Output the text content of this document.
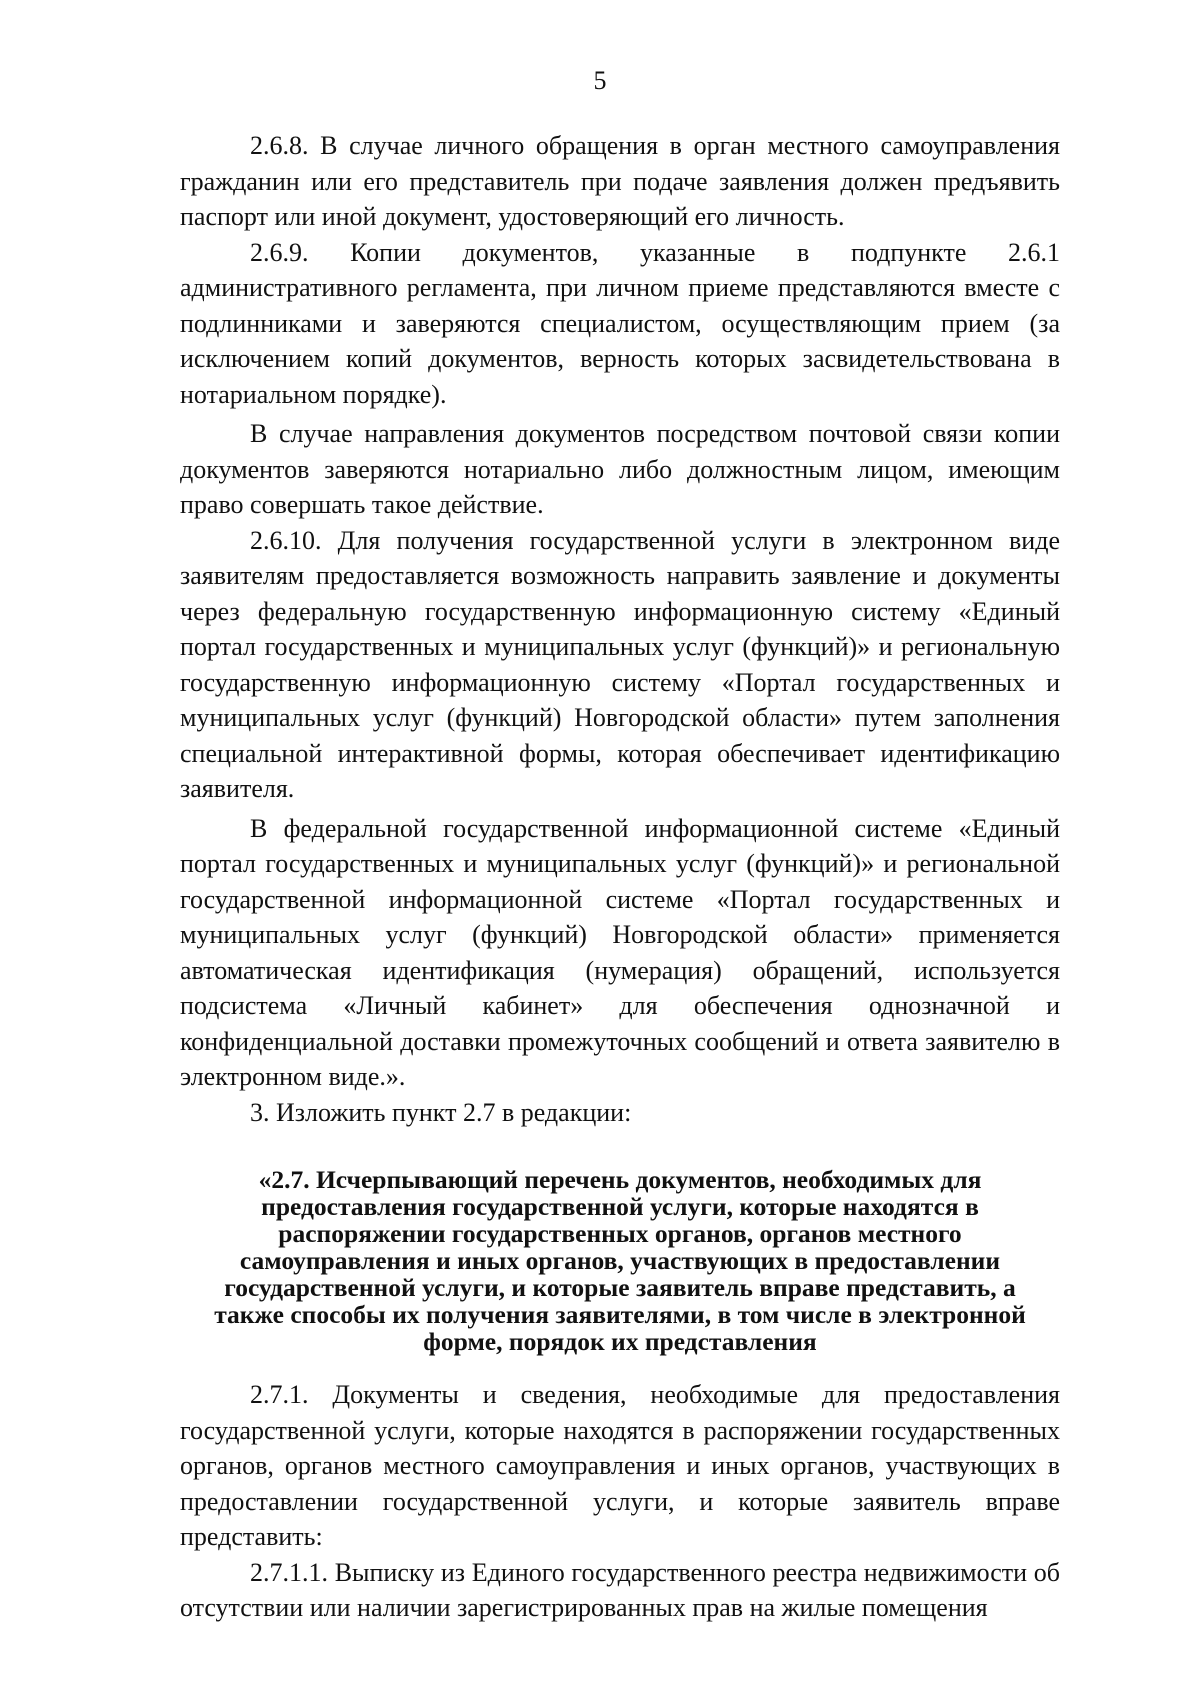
5

2.6.8. В случае личного обращения в орган местного самоуправления гражданин или его представитель при подаче заявления должен предъявить паспорт или иной документ, удостоверяющий его личность.

2.6.9. Копии документов, указанные в подпункте 2.6.1 административного регламента, при личном приеме представляются вместе с подлинниками и заверяются специалистом, осуществляющим прием (за исключением копий документов, верность которых засвидетельствована в нотариальном порядке).

В случае направления документов посредством почтовой связи копии документов заверяются нотариально либо должностным лицом, имеющим право совершать такое действие.

2.6.10. Для получения государственной услуги в электронном виде заявителям предоставляется возможность направить заявление и документы через федеральную государственную информационную систему «Единый портал государственных и муниципальных услуг (функций)» и региональную государственную информационную систему «Портал государственных и муниципальных услуг (функций) Новгородской области» путем заполнения специальной интерактивной формы, которая обеспечивает идентификацию заявителя.

В федеральной государственной информационной системе «Единый портал государственных и муниципальных услуг (функций)» и региональной государственной информационной системе «Портал государственных и муниципальных услуг (функций) Новгородской области» применяется автоматическая идентификация (нумерация) обращений, используется подсистема «Личный кабинет» для обеспечения однозначной и конфиденциальной доставки промежуточных сообщений и ответа заявителю в электронном виде.».

3. Изложить пункт 2.7 в редакции:

«2.7. Исчерпывающий перечень документов, необходимых для предоставления государственной услуги, которые находятся в распоряжении государственных органов, органов местного самоуправления и иных органов, участвующих в предоставлении государственной услуги, и которые заявитель вправе представить, а также способы их получения заявителями, в том числе в электронной форме, порядок их представления

2.7.1. Документы и сведения, необходимые для предоставления государственной услуги, которые находятся в распоряжении государственных органов, органов местного самоуправления и иных органов, участвующих в предоставлении государственной услуги, и которые заявитель вправе представить:

2.7.1.1. Выписку из Единого государственного реестра недвижимости об отсутствии или наличии зарегистрированных прав на жилые помещения
